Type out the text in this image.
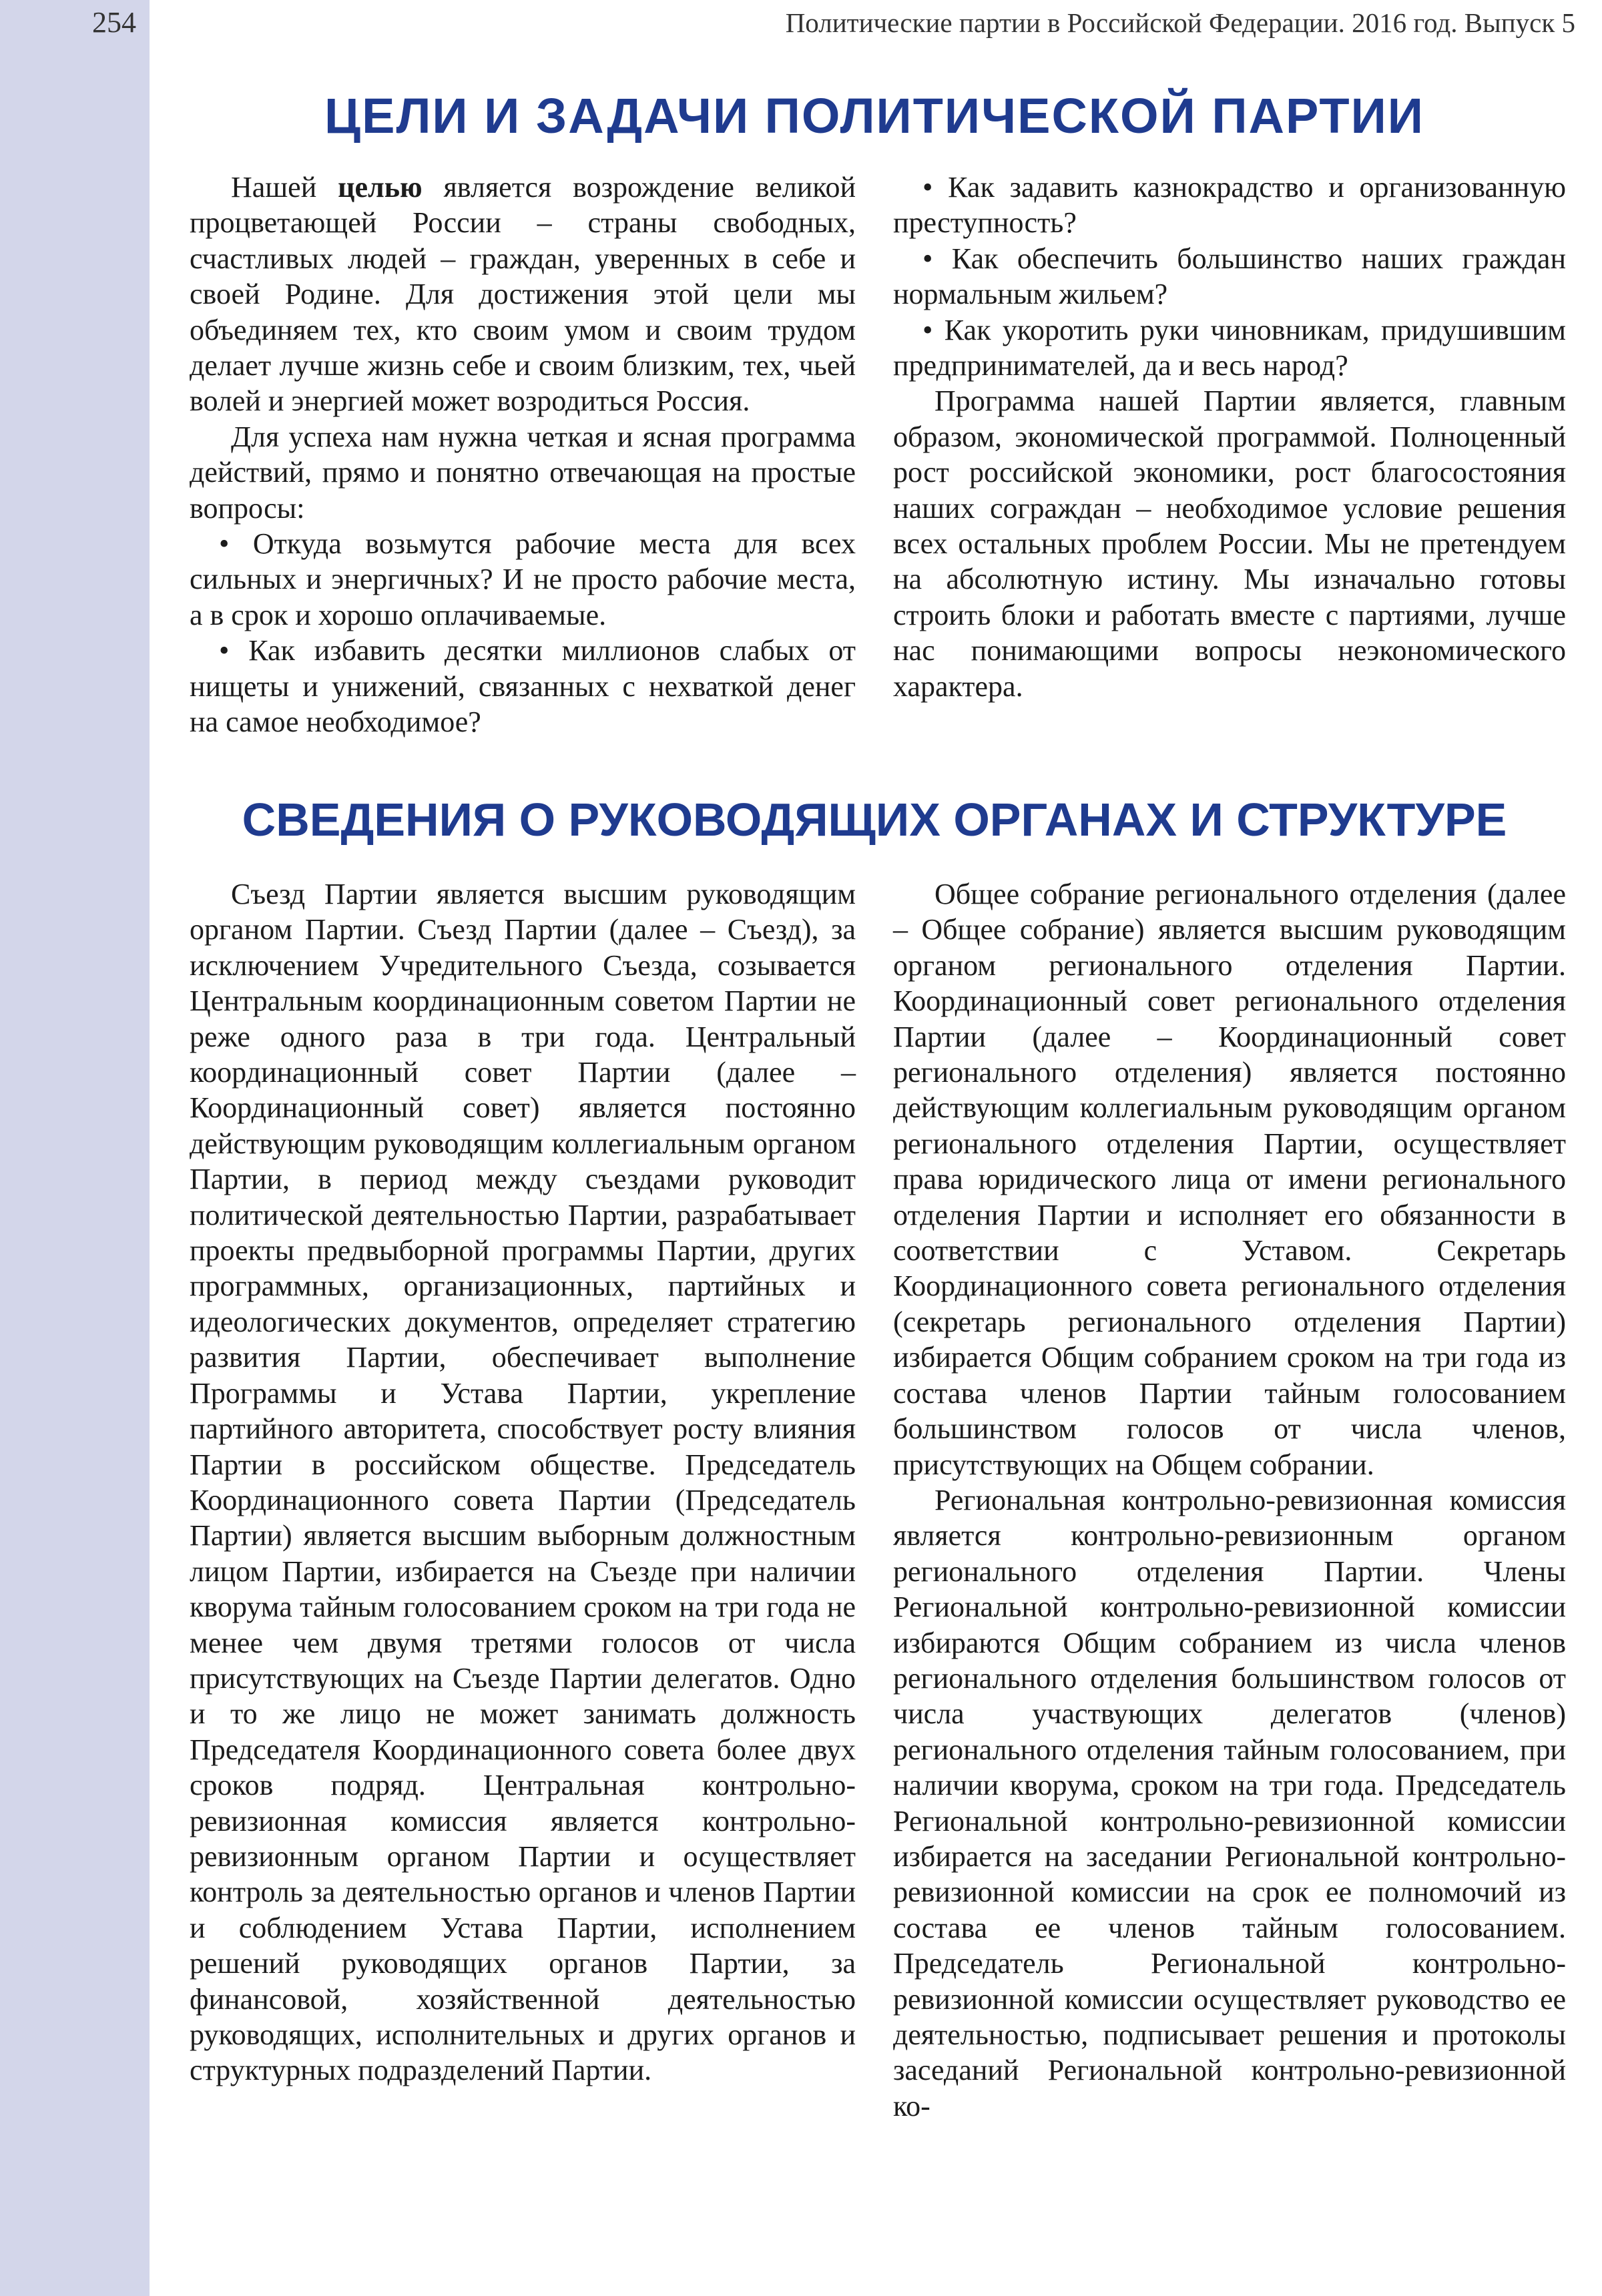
254	Политические партии в Российской Федерации. 2016 год. Выпуск 5
ЦЕЛИ И ЗАДАЧИ ПОЛИТИЧЕСКОЙ ПАРТИИ

Нашей целью является возрождение великой процветающей России – страны свободных, счастливых людей – граждан, уверенных в себе и своей Родине. Для достижения этой цели мы объединяем тех, кто своим умом и своим трудом делает лучше жизнь себе и своим близким, тех, чьей волей и энергией может возродиться Россия.

Для успеха нам нужна четкая и ясная программа действий, прямо и понятно отвечающая на простые вопросы:

• Откуда возьмутся рабочие места для всех сильных и энергичных? И не просто рабочие места, а в срок и хорошо оплачиваемые.

• Как избавить десятки миллионов слабых от нищеты и унижений, связанных с нехваткой денег на самое необходимое?

• Как задавить казнокрадство и организованную преступность?

• Как обеспечить большинство наших граждан нормальным жильем?

• Как укоротить руки чиновникам, придушившим предпринимателей, да и весь народ?

Программа нашей Партии является, главным образом, экономической программой. Полноценный рост российской экономики, рост благосостояния наших сограждан – необходимое условие решения всех остальных проблем России. Мы не претендуем на абсолютную истину. Мы изначально готовы строить блоки и работать вместе с партиями, лучше нас понимающими вопросы неэкономического характера.

СВЕДЕНИЯ О РУКОВОДЯЩИХ ОРГАНАХ И СТРУКТУРЕ

Съезд Партии является высшим руководящим органом Партии. Съезд Партии (далее – Съезд), за исключением Учредительного Съезда, созывается Центральным координационным советом Партии не реже одного раза в три года. Центральный координационный совет Партии (далее – Координационный совет) является постоянно действующим руководящим коллегиальным органом Партии, в период между съездами руководит политической деятельностью Партии, разрабатывает проекты предвыборной программы Партии, других программных, организационных, партийных и идеологических документов, определяет стратегию развития Партии, обеспечивает выполнение Программы и Устава Партии, укрепление партийного авторитета, способствует росту влияния Партии в российском обществе. Председатель Координационного совета Партии (Председатель Партии) является высшим выборным должностным лицом Партии, избирается на Съезде при наличии кворума тайным голосованием сроком на три года не менее чем двумя третями голосов от числа присутствующих на Съезде Партии делегатов. Одно и то же лицо не может занимать должность Председателя Координационного совета более двух сроков подряд. Центральная контрольно-ревизионная комиссия является контрольно-ревизионным органом Партии и осуществляет контроль за деятельностью органов и членов Партии и соблюдением Устава Партии, исполнением решений руководящих органов Партии, за финансовой, хозяйственной деятельностью руководящих, исполнительных и других органов и структурных подразделений Партии.

Общее собрание регионального отделения (далее – Общее собрание) является высшим руководящим органом регионального отделения Партии. Координационный совет регионального отделения Партии (далее – Координационный совет регионального отделения) является постоянно действующим коллегиальным руководящим органом регионального отделения Партии, осуществляет права юридического лица от имени регионального отделения Партии и исполняет его обязанности в соответствии с Уставом. Секретарь Координационного совета регионального отделения (секретарь регионального отделения Партии) избирается Общим собранием сроком на три года из состава членов Партии тайным голосованием большинством голосов от числа членов, присутствующих на Общем собрании.

Региональная контрольно-ревизионная комиссия является контрольно-ревизионным органом регионального отделения Партии. Члены Региональной контрольно-ревизионной комиссии избираются Общим собранием из числа членов регионального отделения большинством голосов от числа участвующих делегатов (членов) регионального отделения тайным голосованием, при наличии кворума, сроком на три года. Председатель Региональной контрольно-ревизионной комиссии избирается на заседании Региональной контрольно-ревизионной комиссии на срок ее полномочий из состава ее членов тайным голосованием. Председатель Региональной контрольно-ревизионной комиссии осуществляет руководство ее деятельностью, подписывает решения и протоколы заседаний Региональной контрольно-ревизионной ко-
